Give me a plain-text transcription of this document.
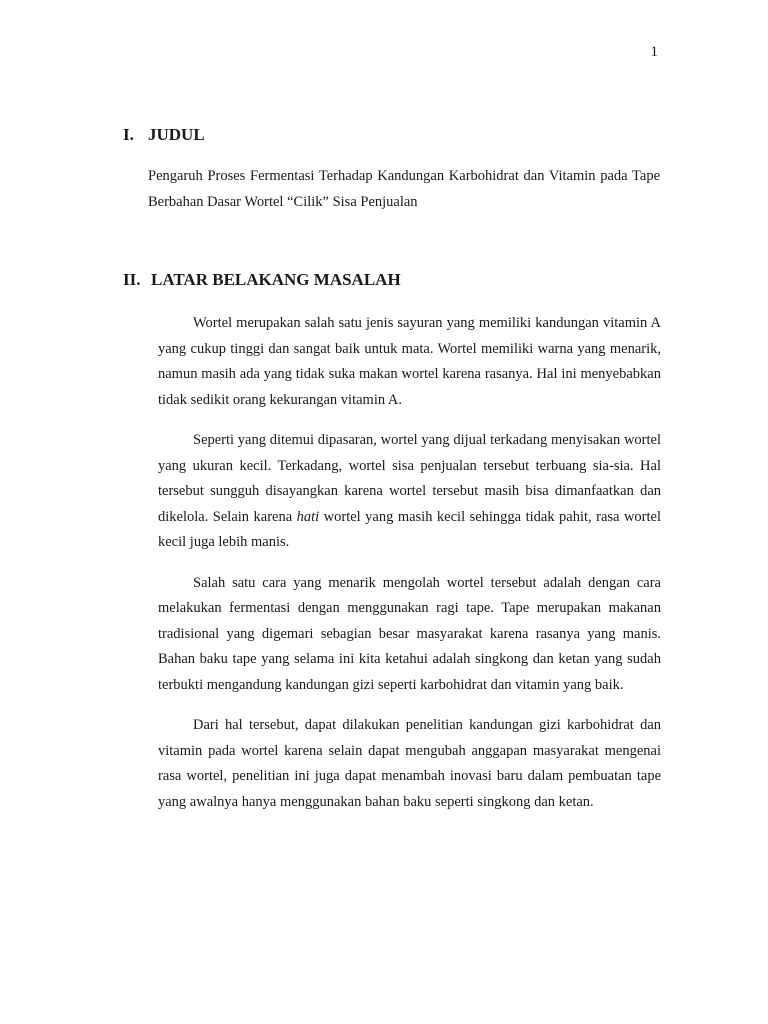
1
I. JUDUL

Pengaruh Proses Fermentasi Terhadap Kandungan Karbohidrat dan Vitamin pada Tape Berbahan Dasar Wortel “Cilik” Sisa Penjualan

II. LATAR BELAKANG MASALAH

Wortel merupakan salah satu jenis sayuran yang memiliki kandungan vitamin A yang cukup tinggi dan sangat baik untuk mata. Wortel memiliki warna yang menarik, namun masih ada yang tidak suka makan wortel karena rasanya. Hal ini menyebabkan tidak sedikit orang kekurangan vitamin A.

Seperti yang ditemui dipasaran, wortel yang dijual terkadang menyisakan wortel yang ukuran kecil. Terkadang, wortel sisa penjualan tersebut terbuang sia-sia. Hal tersebut sungguh disayangkan karena wortel tersebut masih bisa dimanfaatkan dan dikelola. Selain karena hati wortel yang masih kecil sehingga tidak pahit, rasa wortel kecil juga lebih manis.

Salah satu cara yang menarik mengolah wortel tersebut adalah dengan cara melakukan fermentasi dengan menggunakan ragi tape. Tape merupakan makanan tradisional yang digemari sebagian besar masyarakat karena rasanya yang manis. Bahan baku tape yang selama ini kita ketahui adalah singkong dan ketan yang sudah terbukti mengandung kandungan gizi seperti karbohidrat dan vitamin yang baik.

Dari hal tersebut, dapat dilakukan penelitian kandungan gizi karbohidrat dan vitamin pada wortel karena selain dapat mengubah anggapan masyarakat mengenai rasa wortel, penelitian ini juga dapat menambah inovasi baru dalam pembuatan tape yang awalnya hanya menggunakan bahan baku seperti singkong dan ketan.
